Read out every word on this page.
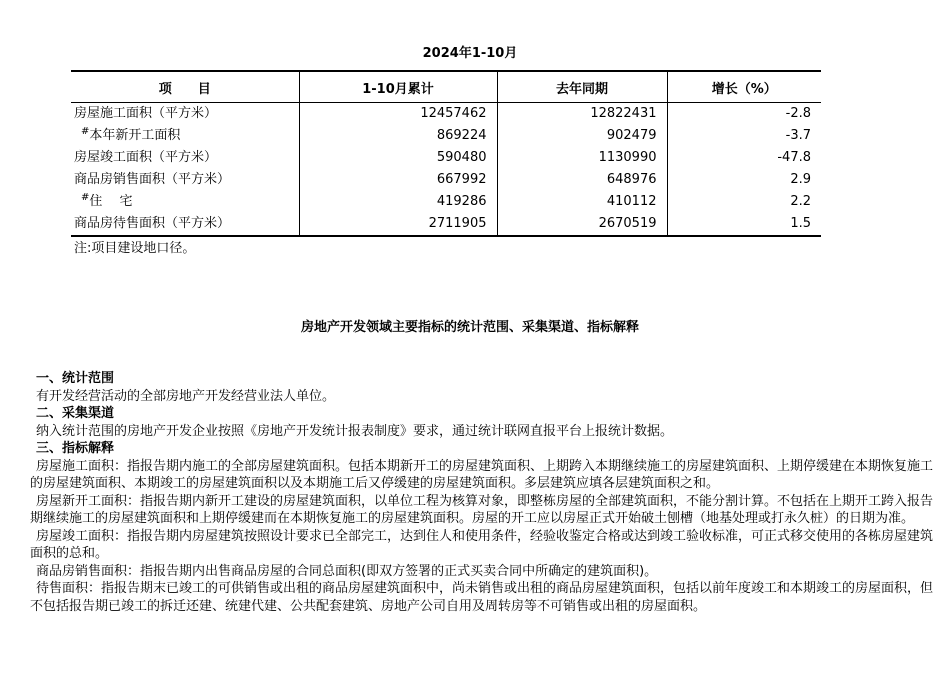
2024年1-10月
项　　目	1-10月累计	去年同期	增长（%）
房屋施工面积（平方米）	12457462	12822431	-2.8
#本年新开工面积	869224	902479	-3.7
房屋竣工面积（平方米）	590480	1130990	-47.8
商品房销售面积（平方米）	667992	648976	2.9
#住　 宅	419286	410112	2.2
商品房待售面积（平方米）	2711905	2670519	1.5
注:项目建设地口径。
房地产开发领域主要指标的统计范围、采集渠道、指标解释
一、统计范围
有开发经营活动的全部房地产开发经营业法人单位。
二、采集渠道
纳入统计范围的房地产开发企业按照《房地产开发统计报表制度》要求，通过统计联网直报平台上报统计数据。
三、指标解释
房屋施工面积：指报告期内施工的全部房屋建筑面积。包括本期新开工的房屋建筑面积、上期跨入本期继续施工的房屋建筑面积、上期停缓建在本期恢复施工的房屋建筑面积、本期竣工的房屋建筑面积以及本期施工后又停缓建的房屋建筑面积。多层建筑应填各层建筑面积之和。
房屋新开工面积：指报告期内新开工建设的房屋建筑面积，以单位工程为核算对象，即整栋房屋的全部建筑面积，不能分割计算。不包括在上期开工跨入报告期继续施工的房屋建筑面积和上期停缓建而在本期恢复施工的房屋建筑面积。房屋的开工应以房屋正式开始破土刨槽（地基处理或打永久桩）的日期为准。
房屋竣工面积：指报告期内房屋建筑按照设计要求已全部完工，达到住人和使用条件，经验收鉴定合格或达到竣工验收标准，可正式移交使用的各栋房屋建筑面积的总和。
商品房销售面积：指报告期内出售商品房屋的合同总面积(即双方签署的正式买卖合同中所确定的建筑面积)。
待售面积：指报告期末已竣工的可供销售或出租的商品房屋建筑面积中，尚未销售或出租的商品房屋建筑面积，包括以前年度竣工和本期竣工的房屋面积，但不包括报告期已竣工的拆迁还建、统建代建、公共配套建筑、房地产公司自用及周转房等不可销售或出租的房屋面积。
